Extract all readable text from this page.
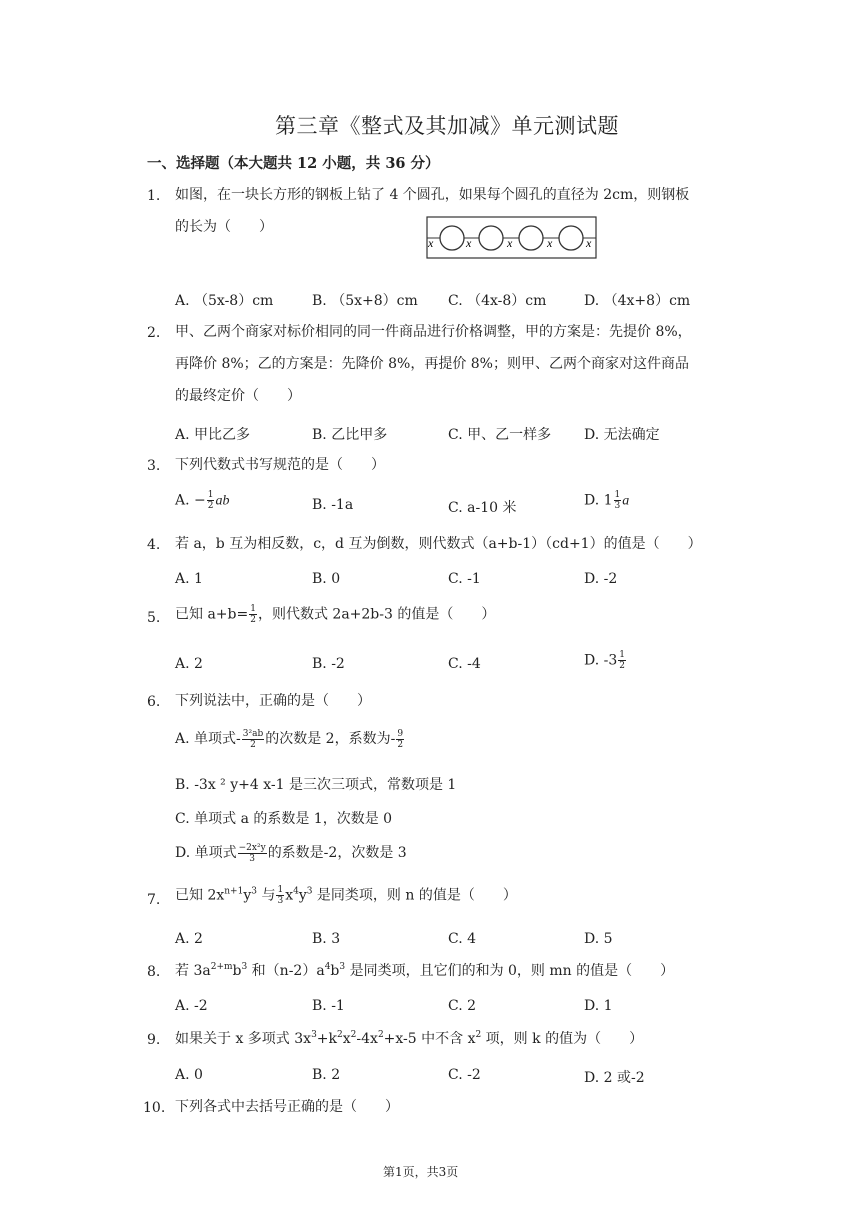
第三章《整式及其加减》单元测试题
一、选择题（本大题共 12 小题，共 36 分）
1. 如图，在一块长方形的钢板上钻了 4 个圆孔，如果每个圆孔的直径为 2cm，则钢板
的长为（　　）
x	x	x	x	x
A. （5x-8）cm	B. （5x+8）cm C. （4x-8）cm	D. （4x+8）cm
2. 甲、乙两个商家对标价相同的同一件商品进行价格调整，甲的方案是：先提价 8%，
再降价 8%；乙的方案是：先降价 8%，再提价 8%；则甲、乙两个商家对这件商品
的最终定价（　　）
A. 甲比乙多	B. 乙比甲多	C. 甲、乙一样多 D. 无法确定
3. 下列代数式书写规范的是（　　）
A. − $\frac{1}{2}$ ab	B. -1a	C. a-10 米	D. $1 \frac{1}{3}$ a
4. 若 a，b 互为相反数，c，d 互为倒数，则代数式（a+b-1）（cd+1）的值是（　　）
A. 1	B. 0	C. -1	D. -2
5. 已知 $a+b= \frac{1}{2}$ ，则代数式 2a+2b-3 的值是（　　）
A. 2	B. -2	C. -4	D. $-3 \frac{1}{2}$
6. 下列说法中，正确的是（　　）
A. 单项式- $\frac{\text{3²ab}}{2}$ 的次数是 2，系数为- $\frac{9}{2}$
B. -3x ² y+4 x-1 是三次三项式，常数项是 1
C. 单项式 a 的系数是 1，次数是 0
D. 单项式 $\frac{\text{−2x²y}}{3}$ 的系数是-2，次数是 3
7. 已知 $2x^{n+1}y^3$ 与 $\frac{1}{3} x^4y^3$ 是同类项，则 n 的值是（　　）
A. 2	B. 3	C. 4	D. 5
8. 若 $3a^{2+m}b^3$ 和$(n-2)a^4b^3$ 是同类项，且它们的和为 0，则 mn 的值是（　　）
A. -2	B. -1	C. 2	D. 1
9. 如果关于 x 多项式 $3x^3+k^2x^2-4x^2+x-5$ 中不含 $x^2$ 项，则 k 的值为（　　）
A. 0	B. 2	C. -2	D. 2 或-2
10. 下列各式中去括号正确的是（　　）
第1页，共3页
